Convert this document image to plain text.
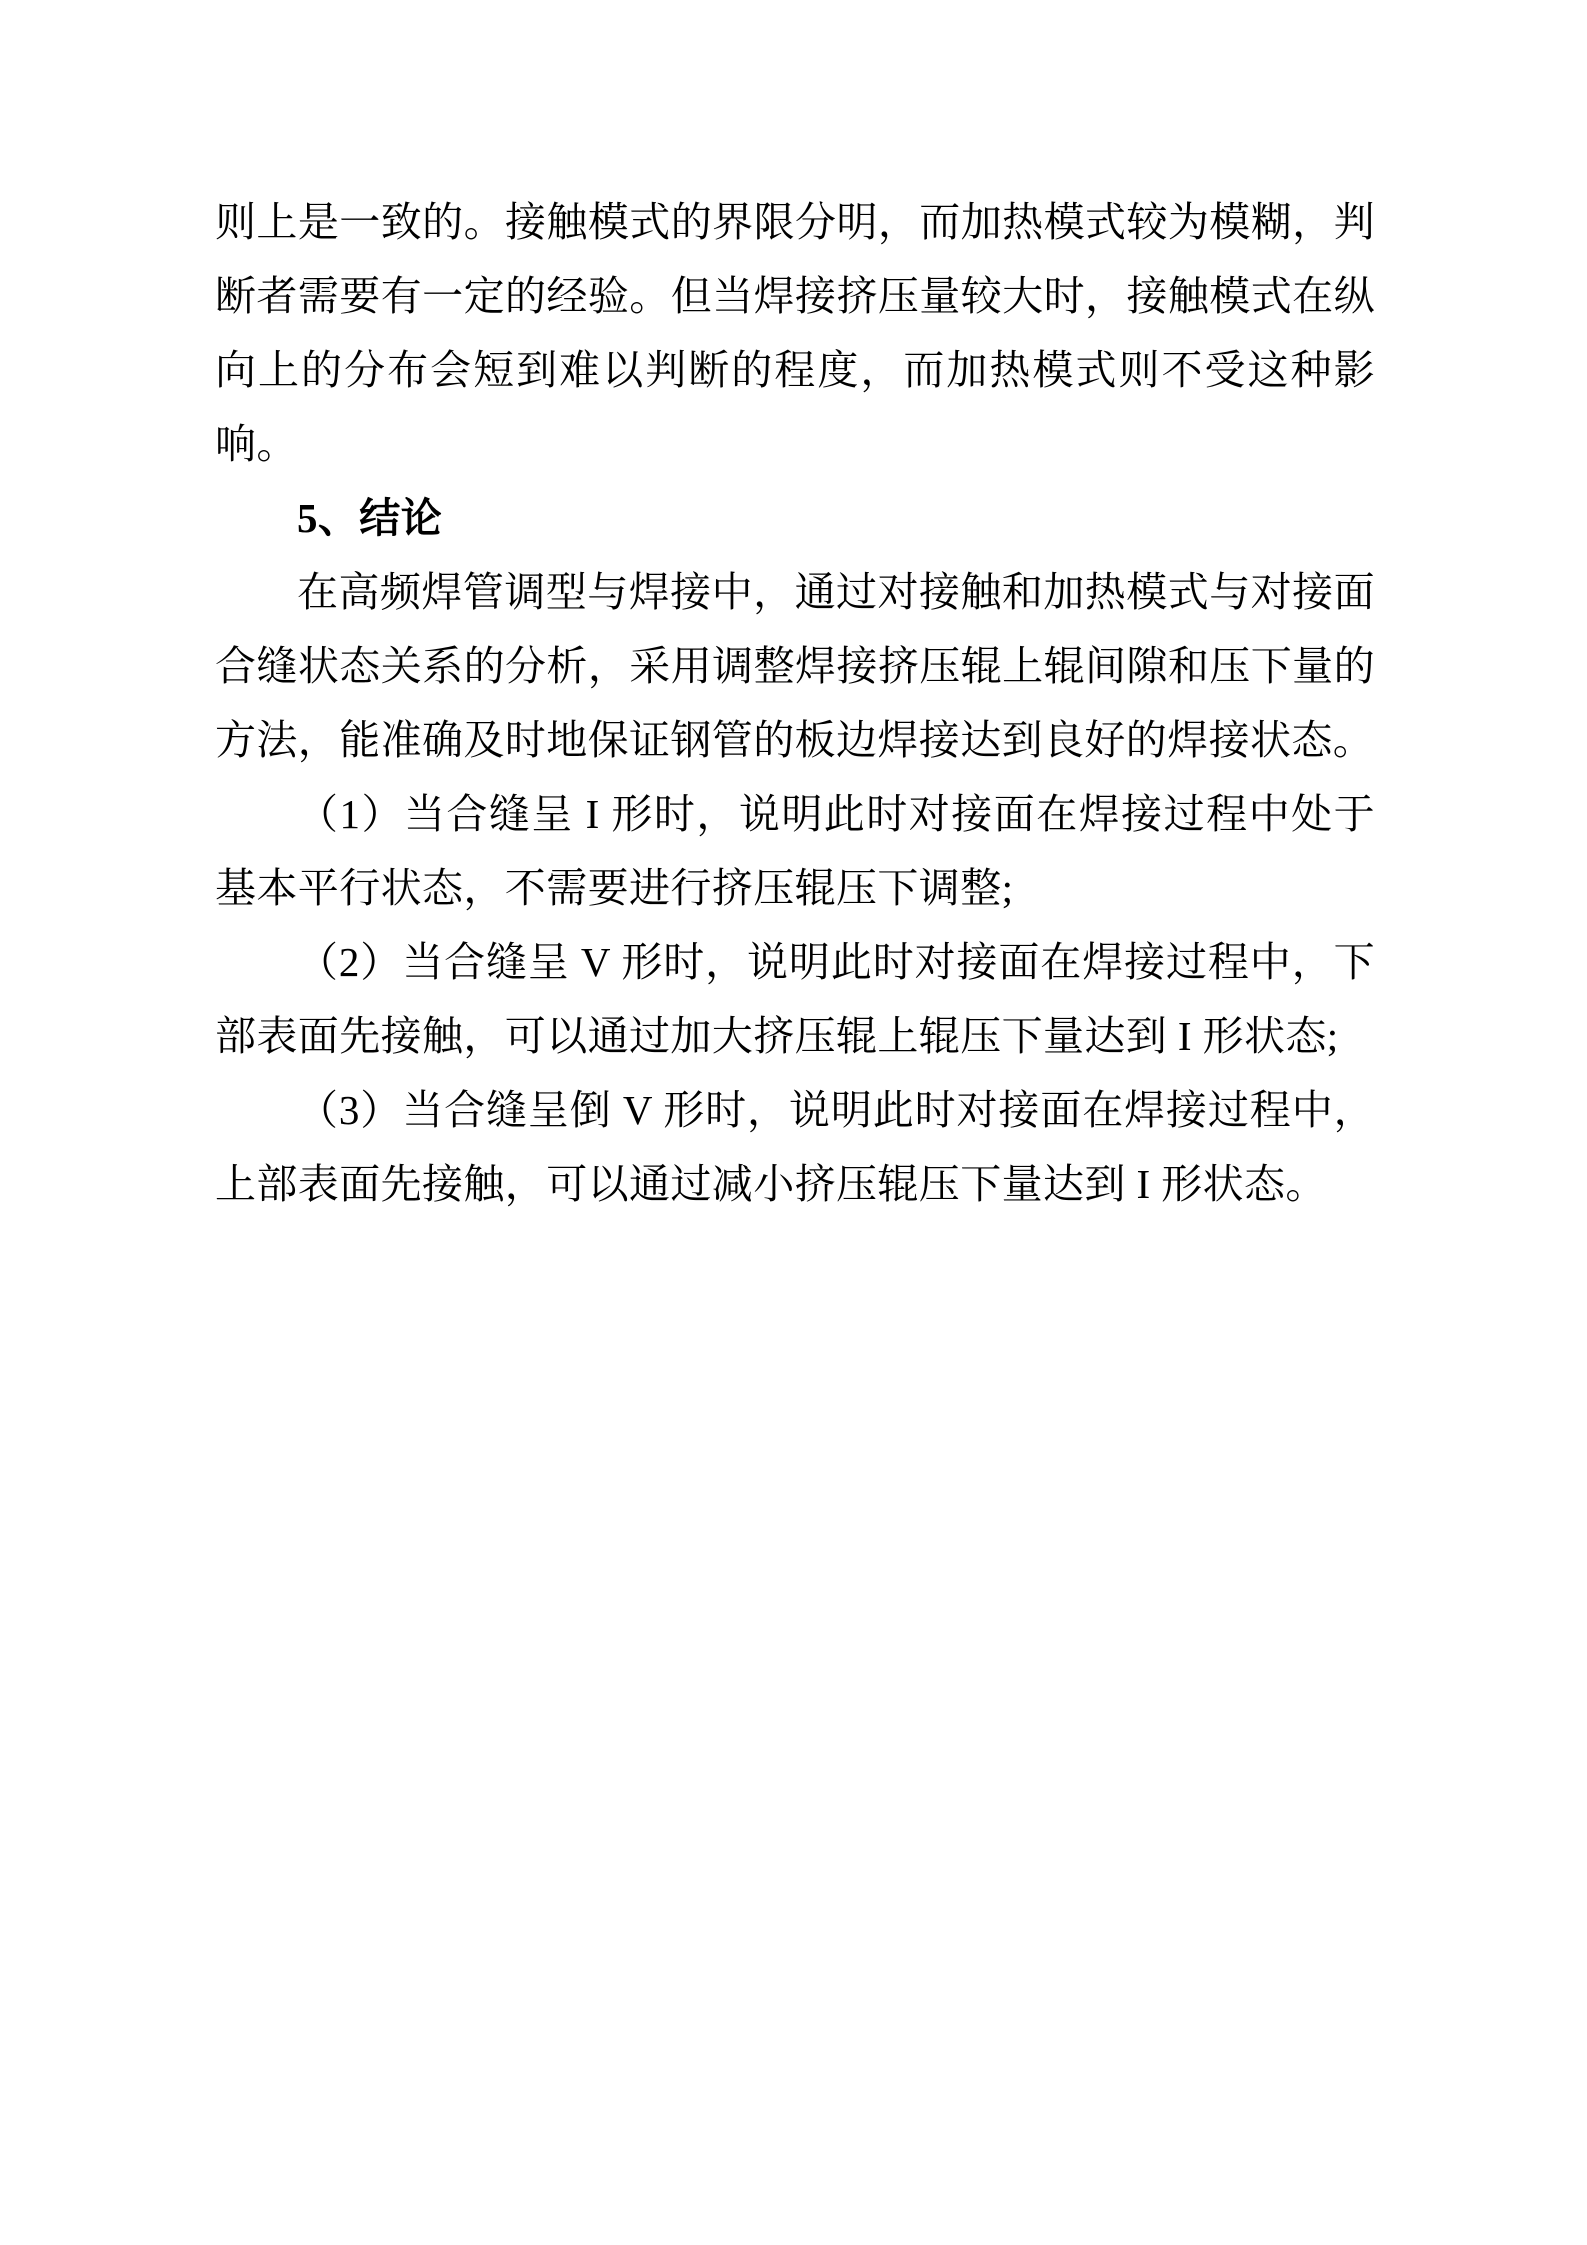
则上是一致的。接触模式的界限分明，而加热模式较为模糊，判断者需要有一定的经验。但当焊接挤压量较大时，接触模式在纵向上的分布会短到难以判断的程度，而加热模式则不受这种影响。

5、结论

在高频焊管调型与焊接中，通过对接触和加热模式与对接面合缝状态关系的分析，采用调整焊接挤压辊上辊间隙和压下量的方法，能准确及时地保证钢管的板边焊接达到良好的焊接状态。

（1）当合缝呈 I 形时，说明此时对接面在焊接过程中处于基本平行状态，不需要进行挤压辊压下调整;

（2）当合缝呈 V 形时，说明此时对接面在焊接过程中，下部表面先接触，可以通过加大挤压辊上辊压下量达到 I 形状态;

（3）当合缝呈倒 V 形时，说明此时对接面在焊接过程中，上部表面先接触，可以通过减小挤压辊压下量达到 I 形状态。
